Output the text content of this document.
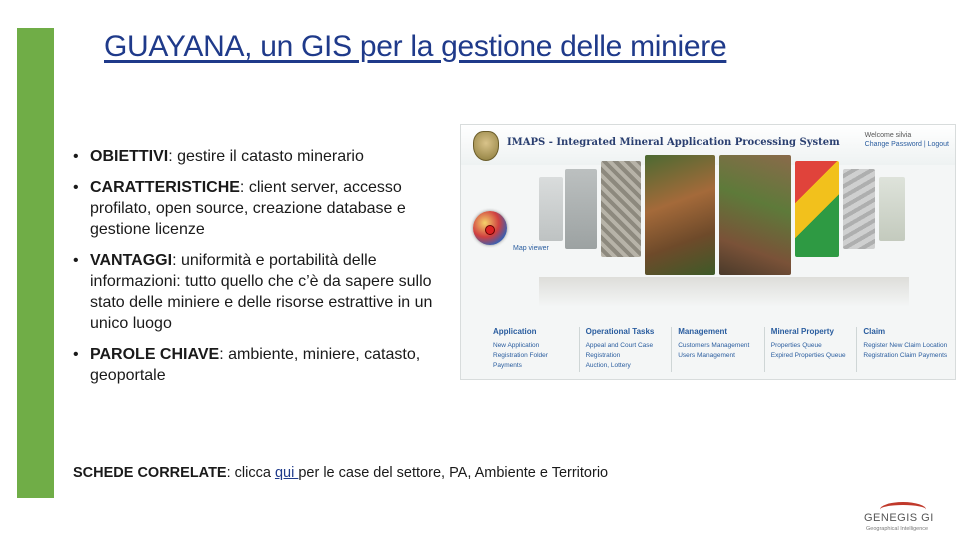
GUAYANA, un GIS per la gestione delle miniere
• OBIETTIVI: gestire il catasto minerario
• CARATTERISTICHE: client server, accesso profilato, open source, creazione database e gestione licenze
• VANTAGGI: uniformità e portabilità delle informazioni: tutto quello che c’è da sapere sullo stato delle miniere e delle risorse estrattive in un unico luogo
• PAROLE CHIAVE: ambiente, miniere, catasto, geoportale
IMAPS - Integrated Mineral Application Processing System
Welcome silvia
Change Password | Logout
Map viewer
Application
New Application
Registration Folder
Payments
Operational Tasks
Appeal and Court Case
Registration
Auction, Lottery
Management
Customers Management
Users Management
Mineral Property
Properties Queue
Expired Properties Queue
Claim
Register New Claim Location
Registration Claim Payments
SCHEDE CORRELATE: clicca qui per le case del settore, PA, Ambiente e Territorio
GENEGIS GI
Geographical Intelligence
